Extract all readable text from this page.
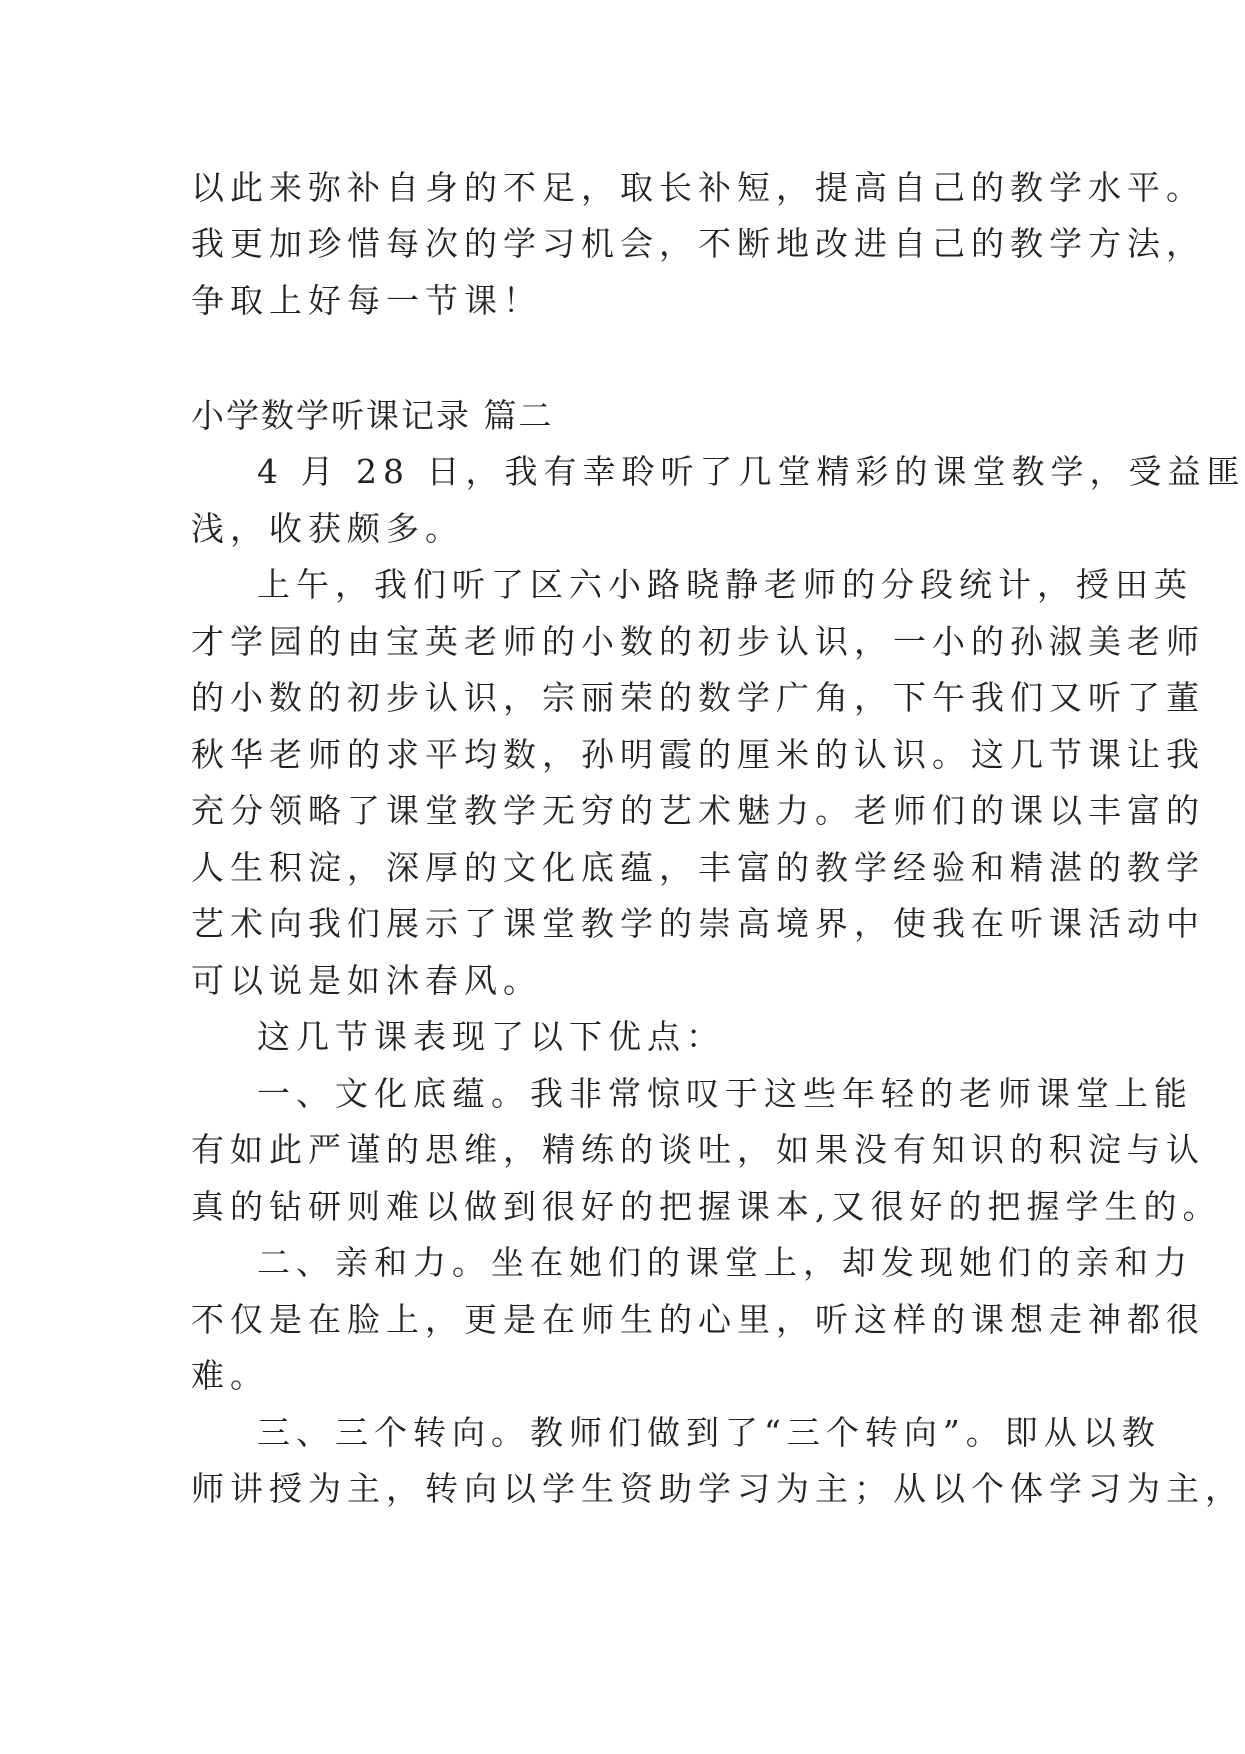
以此来弥补自身的不足，取长补短，提高自己的教学水平。
我更加珍惜每次的学习机会，不断地改进自己的教学方法，
争取上好每一节课！
小学数学听课记录 篇二
4 月 28 日，我有幸聆听了几堂精彩的课堂教学，受益匪
浅，收获颇多。
上午，我们听了区六小路晓静老师的分段统计，授田英
才学园的由宝英老师的小数的初步认识，一小的孙淑美老师
的小数的初步认识，宗丽荣的数学广角，下午我们又听了董
秋华老师的求平均数，孙明霞的厘米的认识。这几节课让我
充分领略了课堂教学无穷的艺术魅力。老师们的课以丰富的
人生积淀，深厚的文化底蕴，丰富的教学经验和精湛的教学
艺术向我们展示了课堂教学的崇高境界，使我在听课活动中
可以说是如沐春风。
这几节课表现了以下优点：
一、文化底蕴。我非常惊叹于这些年轻的老师课堂上能
有如此严谨的思维，精练的谈吐，如果没有知识的积淀与认
真的钻研则难以做到很好的把握课本,又很好的把握学生的。
二、亲和力。坐在她们的课堂上，却发现她们的亲和力
不仅是在脸上，更是在师生的心里，听这样的课想走神都很
难。
三、三个转向。教师们做到了“三个转向”。即从以教
师讲授为主，转向以学生资助学习为主；从以个体学习为主，
